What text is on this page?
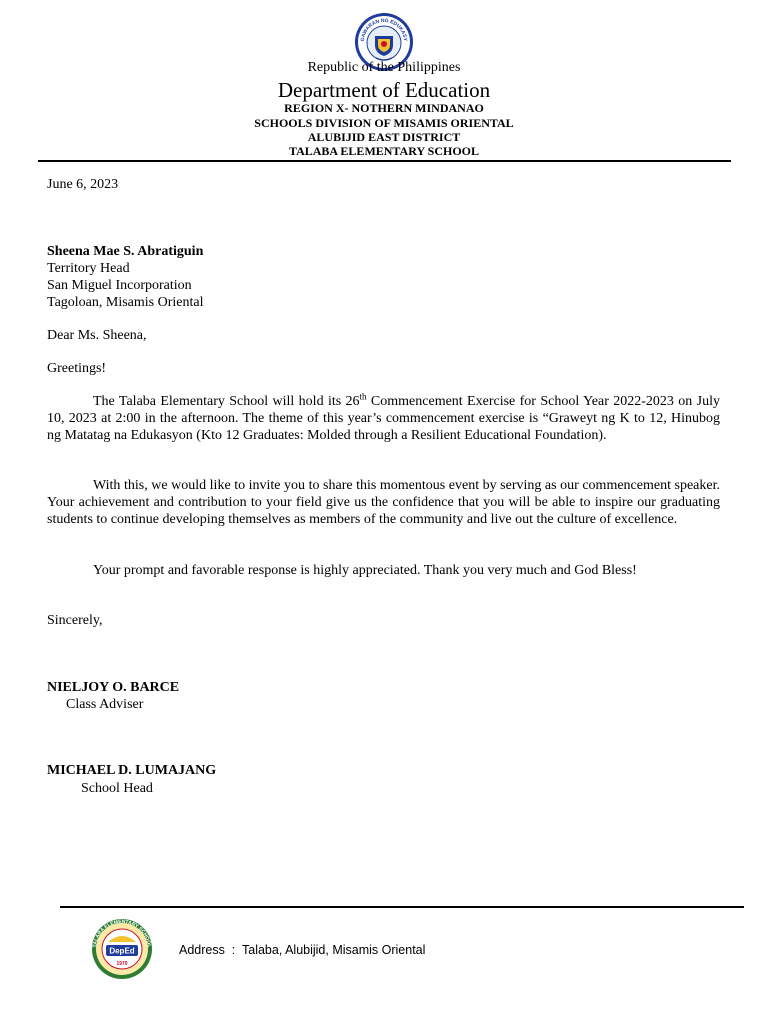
GAWARAN NG EDUKASY
Republic of the Philippines
Department of Education
REGION X- NOTHERN MINDANAO
SCHOOLS DIVISION OF MISAMIS ORIENTAL
ALUBIJID EAST DISTRICT
TALABA ELEMENTARY SCHOOL
June 6, 2023
Sheena Mae S. Abratiguin
Territory Head
San Miguel Incorporation
Tagoloan, Misamis Oriental
Dear Ms. Sheena,
Greetings!
The Talaba Elementary School will hold its 26th Commencement Exercise for School Year 2022-2023 on July 10, 2023 at 2:00 in the afternoon. The theme of this year’s commencement exercise is “Graweyt ng K to 12, Hinubog ng Matatag na Edukasyon (Kto 12 Graduates: Molded through a Resilient Educational Foundation).
With this, we would like to invite you to share this momentous event by serving as our commencement speaker. Your achievement and contribution to your field give us the confidence that you will be able to inspire our graduating students to continue developing themselves as members of the community and live out the culture of excellence.
Your prompt and favorable response is highly appreciated. Thank you very much and God Bless!
Sincerely,
NIELJOY O. BARCE
Class Adviser
MICHAEL D. LUMAJANG
School Head
TALABA ELEMENTARY SCHOOL
DepEd
1970
Address  :  Talaba, Alubijid, Misamis Oriental
